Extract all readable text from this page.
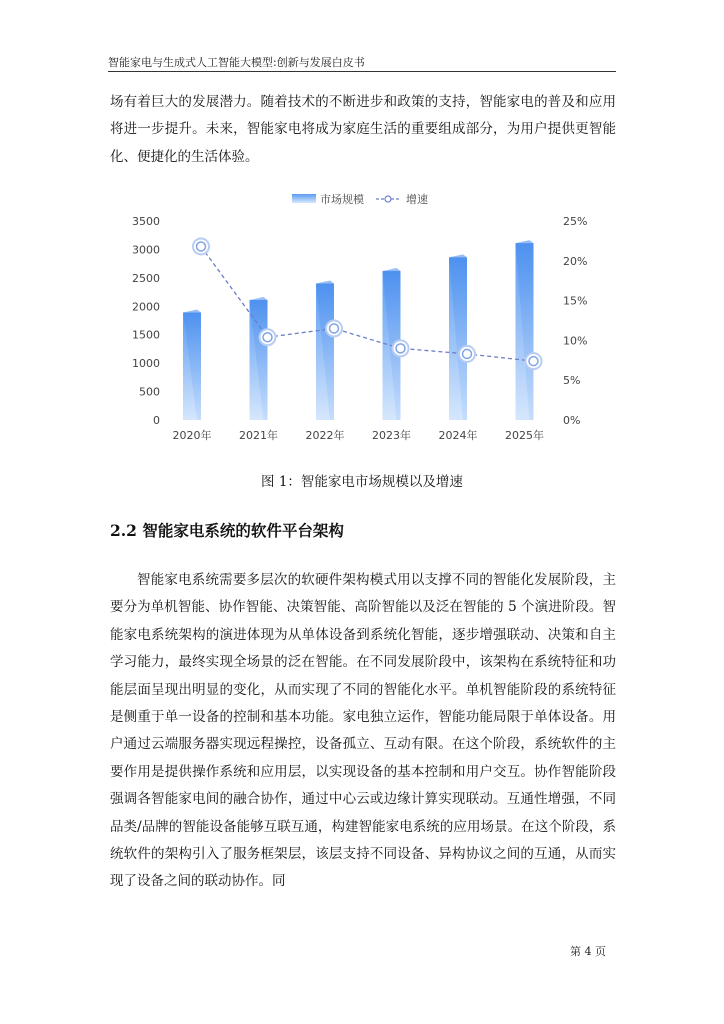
智能家电与生成式人工智能大模型:创新与发展白皮书

场有着巨大的发展潜力。随着技术的不断进步和政策的支持，智能家电的普及和应用将进一步提升。未来，智能家电将成为家庭生活的重要组成部分，为用户提供更智能化、便捷化的生活体验。

市场规模	增速
0
500
1000
1500
2000
2500
3000
3500
0%
5%
10%
15%
20%
25%
2020年	2021年	2022年	2023年	2024年	2025年
图 1：智能家电市场规模以及增速
2.2 智能家电系统的软件平台架构

智能家电系统需要多层次的软硬件架构模式用以支撑不同的智能化发展阶段，主要分为单机智能、协作智能、决策智能、高阶智能以及泛在智能的 5 个演进阶段。智能家电系统架构的演进体现为从单体设备到系统化智能，逐步增强联动、决策和自主学习能力，最终实现全场景的泛在智能。在不同发展阶段中，该架构在系统特征和功能层面呈现出明显的变化，从而实现了不同的智能化水平。单机智能阶段的系统特征是侧重于单一设备的控制和基本功能。家电独立运作，智能功能局限于单体设备。用户通过云端服务器实现远程操控，设备孤立、互动有限。在这个阶段，系统软件的主要作用是提供操作系统和应用层，以实现设备的基本控制和用户交互。协作智能阶段强调各智能家电间的融合协作，通过中心云或边缘计算实现联动。互通性增强，不同品类/品牌的智能设备能够互联互通，构建智能家电系统的应用场景。在这个阶段，系统软件的架构引入了服务框架层，该层支持不同设备、异构协议之间的互通，从而实现了设备之间的联动协作。同

第 4 页
